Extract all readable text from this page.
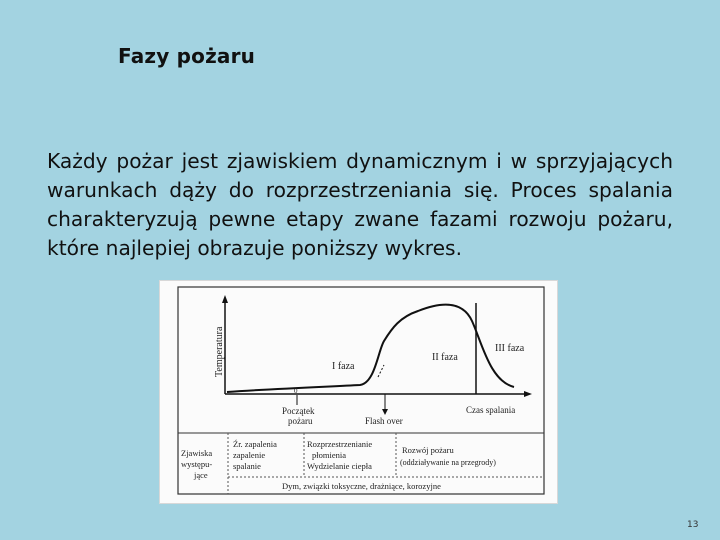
Fazy pożaru
Każdy pożar jest zjawiskiem dynamicznym i w sprzyjających warunkach dąży do rozprzestrzeniania się. Proces spalania charakteryzują pewne etapy zwane fazami rozwoju pożaru, które najlepiej obrazuje poniższy wykres.
Temperatura	I faza
II faza
III faza
0
Początek
pożaru	Flash over
Czas spalania
Zjawiska
występu-
jące
Źr. zapalenia
zapalenie
spalanie
Rozprzestrzenianie
płomienia
Wydzielanie ciepła
Rozwój pożaru
(oddziaływanie na przegrody)
Dym, związki toksyczne, drażniące, korozyjne
13
